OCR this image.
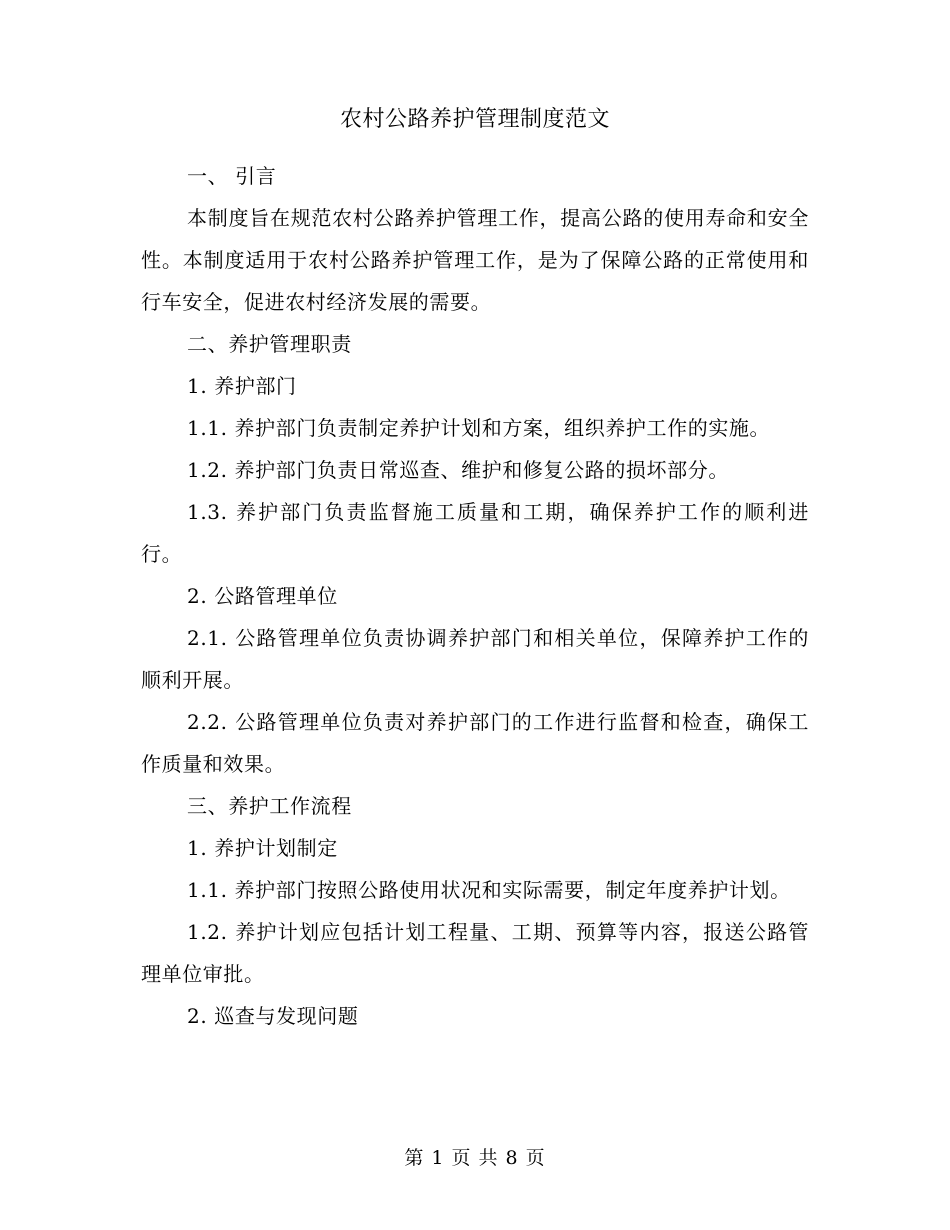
农村公路养护管理制度范文

一、 引言

本制度旨在规范农村公路养护管理工作，提高公路的使用寿命和安全性。本制度适用于农村公路养护管理工作，是为了保障公路的正常使用和行车安全，促进农村经济发展的需要。

二、养护管理职责

1. 养护部门

1.1. 养护部门负责制定养护计划和方案，组织养护工作的实施。

1.2. 养护部门负责日常巡查、维护和修复公路的损坏部分。

1.3. 养护部门负责监督施工质量和工期，确保养护工作的顺利进行。

2. 公路管理单位

2.1. 公路管理单位负责协调养护部门和相关单位，保障养护工作的顺利开展。

2.2. 公路管理单位负责对养护部门的工作进行监督和检查，确保工作质量和效果。

三、养护工作流程

1. 养护计划制定

1.1. 养护部门按照公路使用状况和实际需要，制定年度养护计划。

1.2. 养护计划应包括计划工程量、工期、预算等内容，报送公路管理单位审批。

2. 巡查与发现问题

第 1 页 共 8 页
